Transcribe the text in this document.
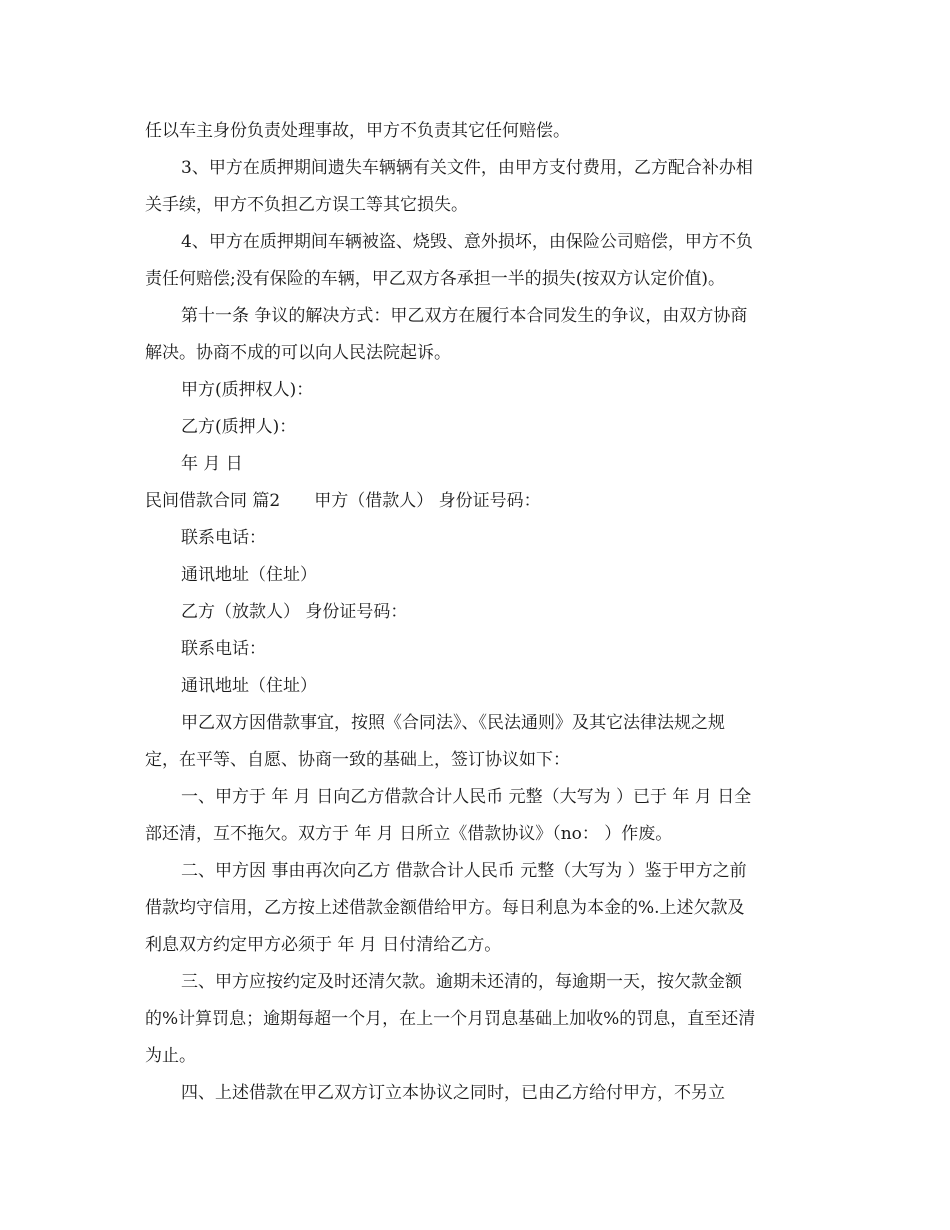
任以车主身份负责处理事故，甲方不负责其它任何赔偿。
3、甲方在质押期间遗失车辆辆有关文件，由甲方支付费用，乙方配合补办相
关手续，甲方不负担乙方误工等其它损失。
4、甲方在质押期间车辆被盗、烧毁、意外损坏，由保险公司赔偿，甲方不负
责任何赔偿;没有保险的车辆，甲乙双方各承担一半的损失(按双方认定价值)。
第十一条 争议的解决方式：甲乙双方在履行本合同发生的争议，由双方协商
解决。协商不成的可以向人民法院起诉。
甲方(质押权人)：
乙方(质押人)：
年 月 日
民间借款合同 篇2　　甲方（借款人） 身份证号码：
联系电话：
通讯地址（住址）
乙方（放款人） 身份证号码：
联系电话：
通讯地址（住址）
甲乙双方因借款事宜，按照《合同法》、《民法通则》及其它法律法规之规
定，在平等、自愿、协商一致的基础上，签订协议如下：
一、甲方于 年 月 日向乙方借款合计人民币 元整（大写为 ）已于 年 月 日全
部还清，互不拖欠。双方于 年 月 日所立《借款协议》（no： ）作废。
二、甲方因 事由再次向乙方 借款合计人民币 元整（大写为 ）鉴于甲方之前
借款均守信用，乙方按上述借款金额借给甲方。每日利息为本金的%.上述欠款及
利息双方约定甲方必须于 年 月 日付清给乙方。
三、甲方应按约定及时还清欠款。逾期未还清的，每逾期一天，按欠款金额
的%计算罚息；逾期每超一个月，在上一个月罚息基础上加收%的罚息，直至还清
为止。
四、上述借款在甲乙双方订立本协议之同时，已由乙方给付甲方，不另立
